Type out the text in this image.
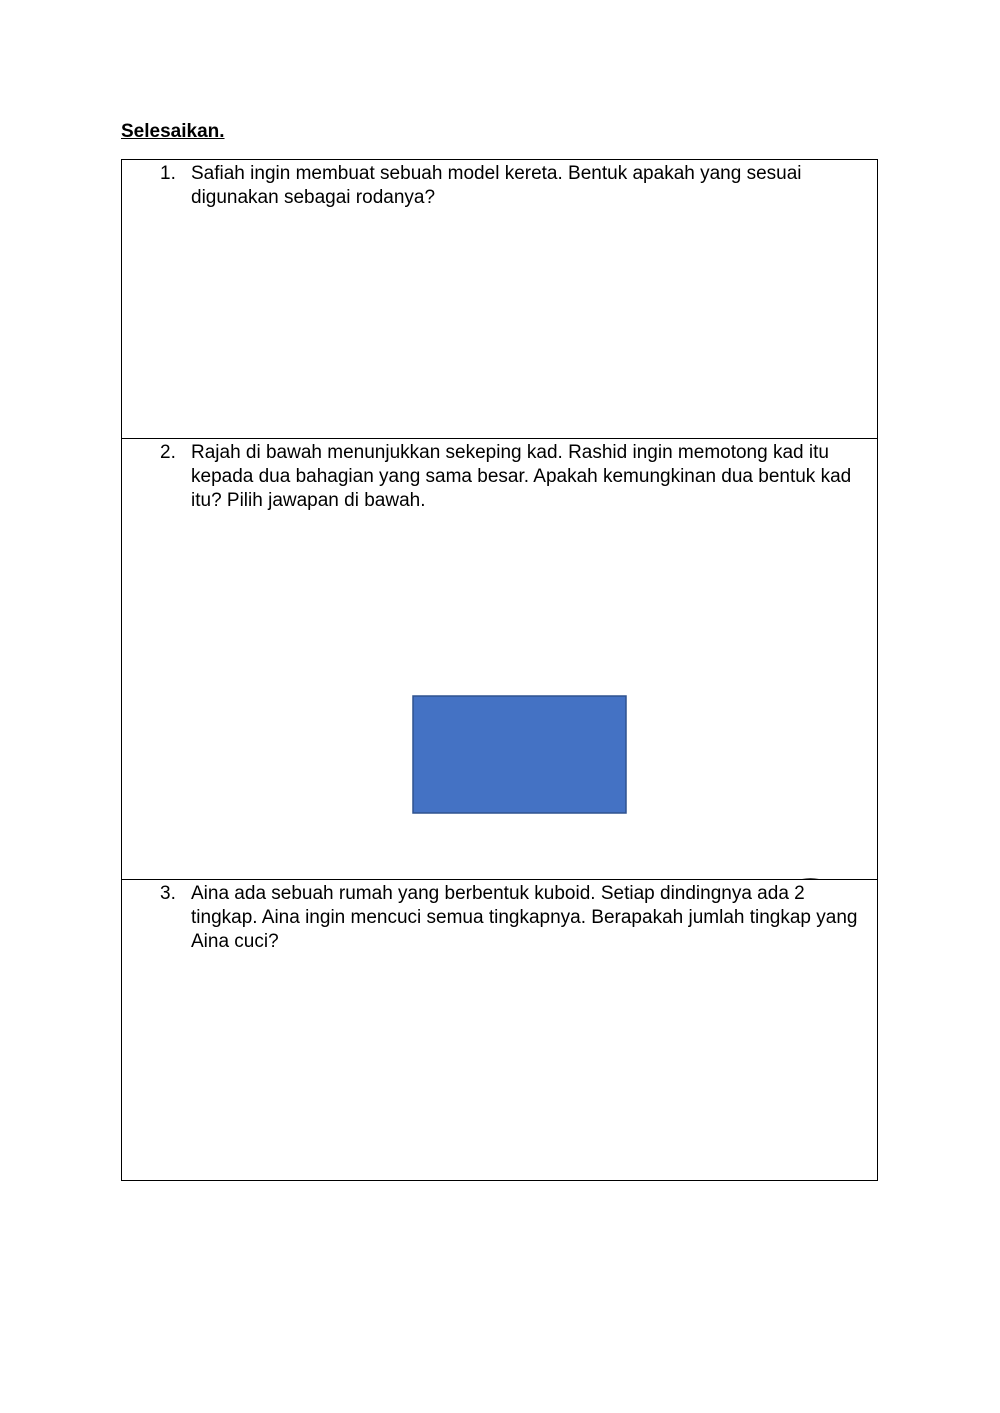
Selesaikan.
1. Safiah ingin membuat sebuah model kereta. Bentuk apakah yang sesuai digunakan sebagai rodanya?
2. Rajah di bawah menunjukkan sekeping kad. Rashid ingin memotong kad itu kepada dua bahagian yang sama besar. Apakah kemungkinan dua bentuk kad itu? Pilih jawapan di bawah.
3. Aina ada sebuah rumah yang berbentuk kuboid. Setiap dindingnya ada 2 tingkap. Aina ingin mencuci semua tingkapnya. Berapakah jumlah tingkap yang Aina cuci?
